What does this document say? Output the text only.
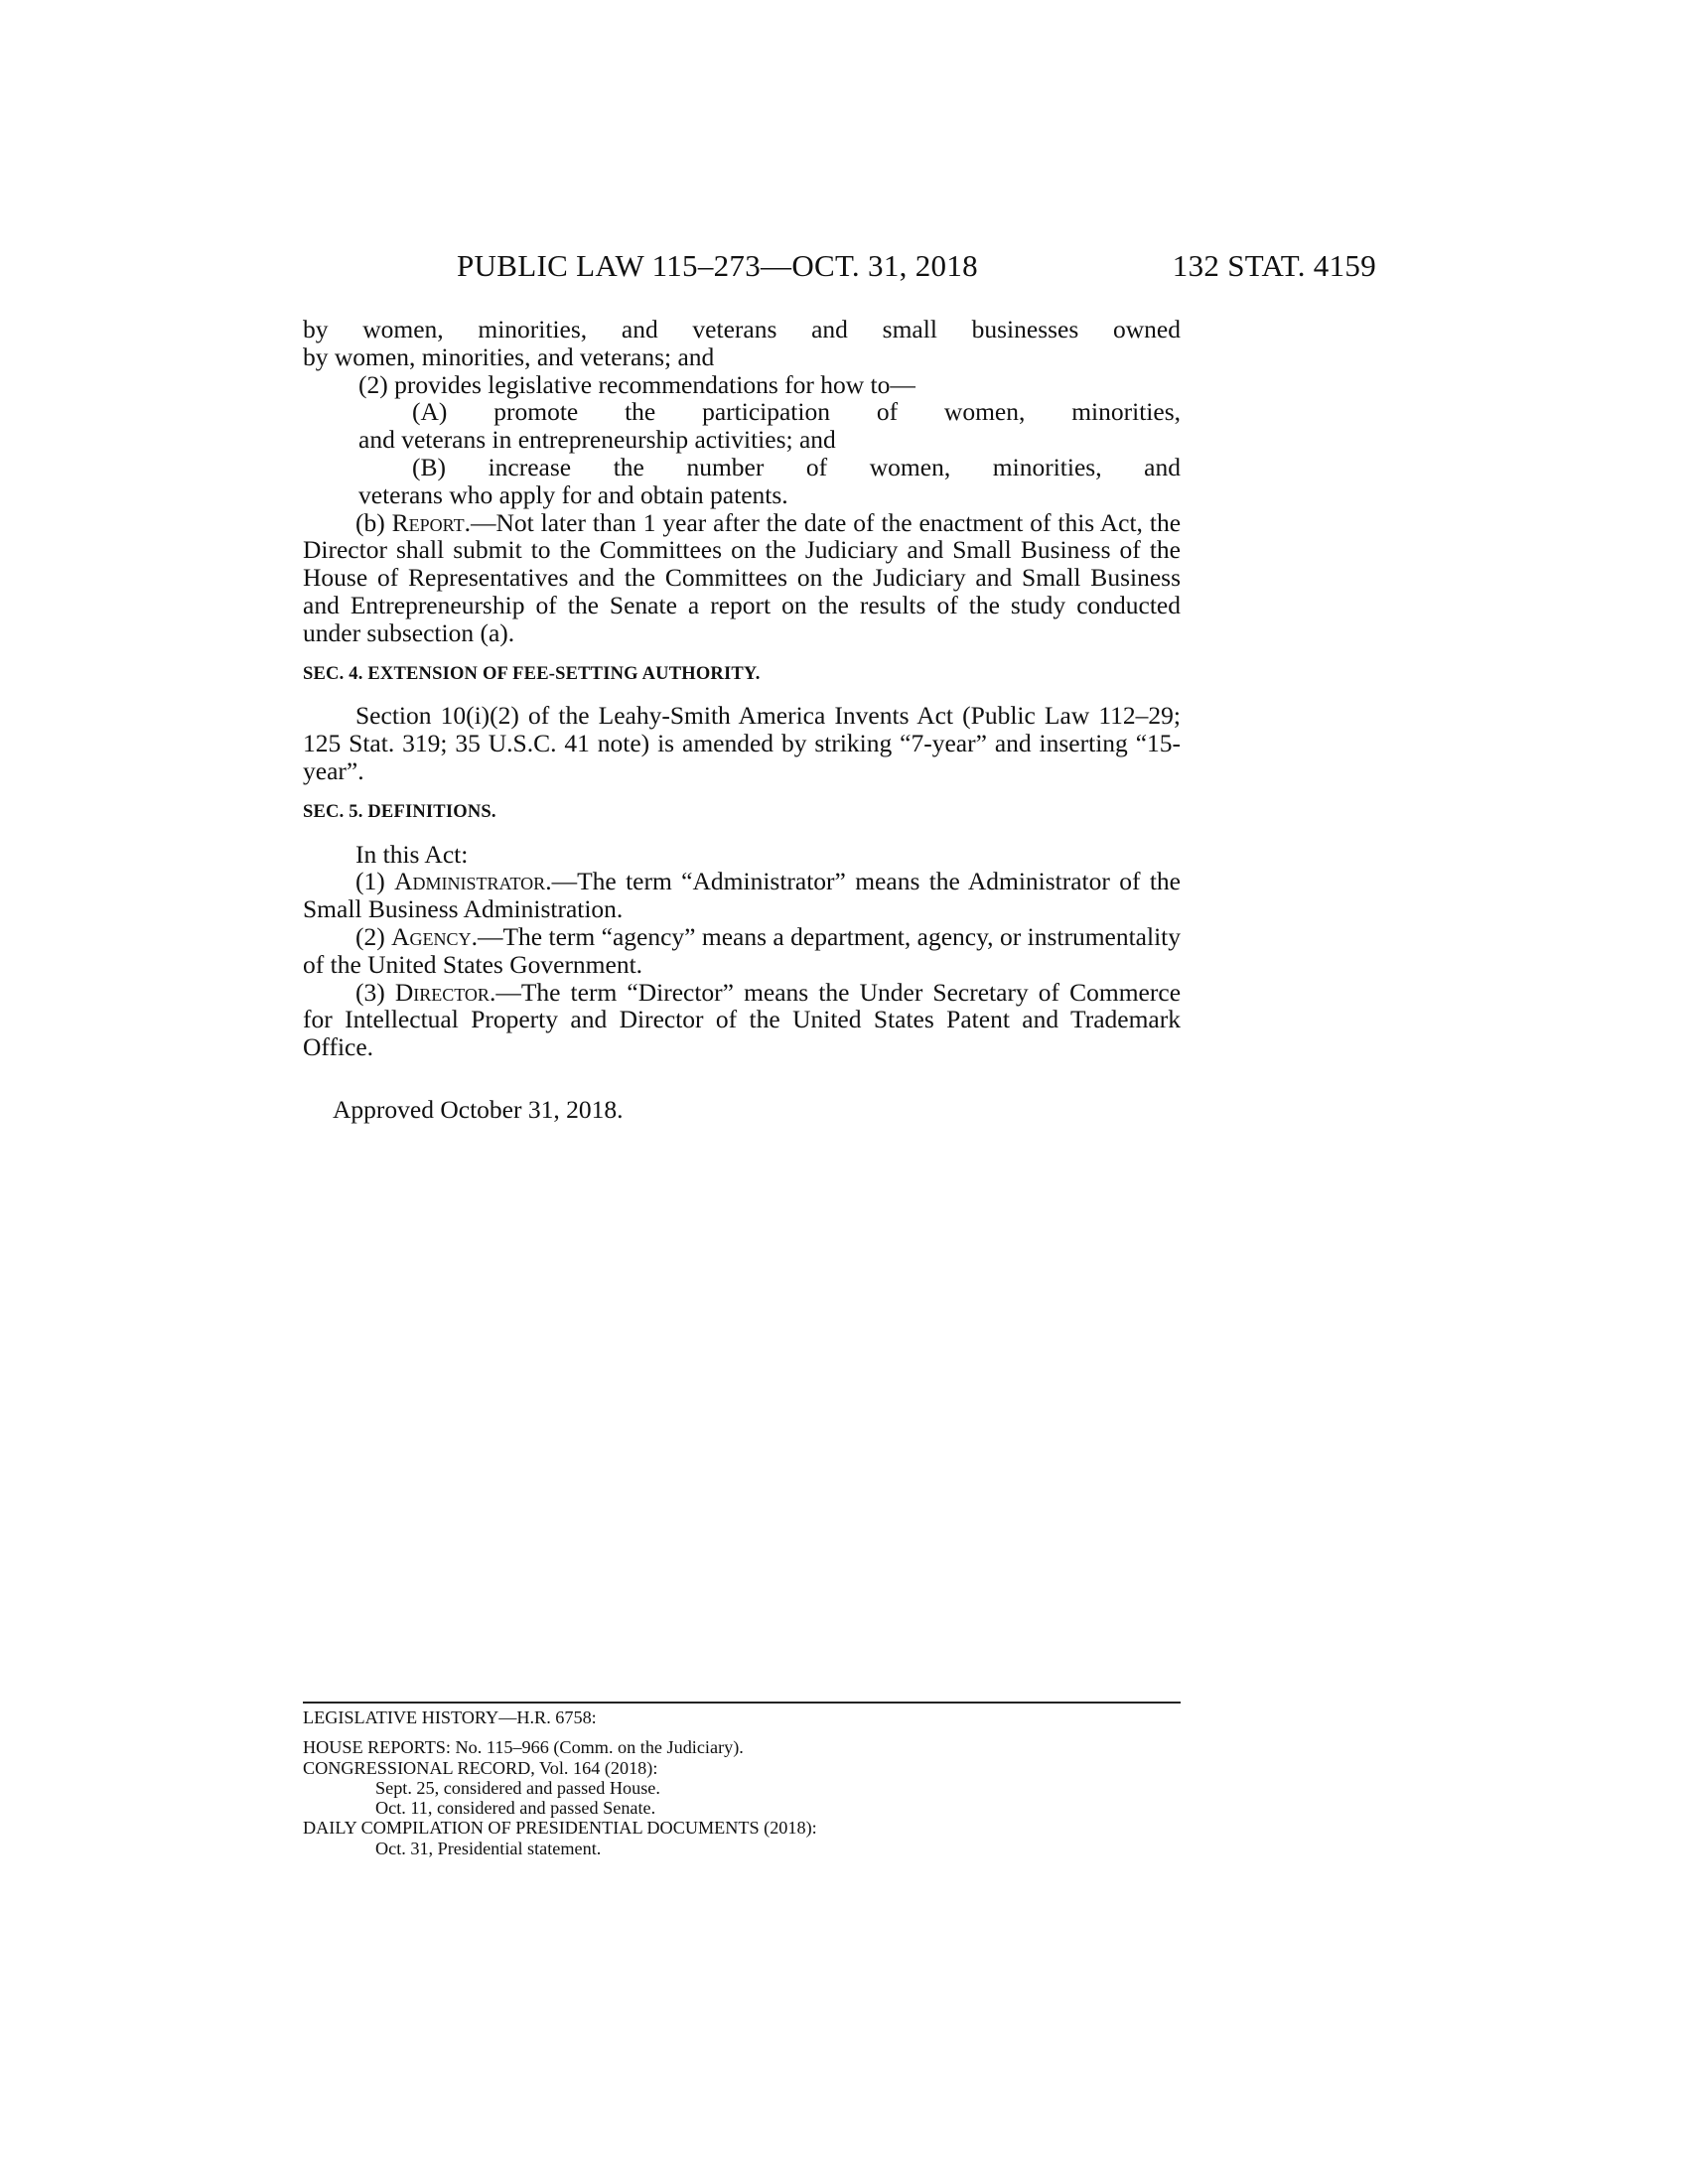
PUBLIC LAW 115–273—OCT. 31, 2018	132 STAT. 4159

by women, minorities, and veterans and small businesses owned

by women, minorities, and veterans; and

(2) provides legislative recommendations for how to—

(A) promote the participation of women, minorities,

and veterans in entrepreneurship activities; and

(B) increase the number of women, minorities, and

veterans who apply for and obtain patents.

(b) Report.—Not later than 1 year after the date of the enactment of this Act, the Director shall submit to the Committees on the Judiciary and Small Business of the House of Representatives and the Committees on the Judiciary and Small Business and Entrepreneurship of the Senate a report on the results of the study conducted under subsection (a).

SEC. 4. EXTENSION OF FEE-SETTING AUTHORITY.

Section 10(i)(2) of the Leahy-Smith America Invents Act (Public Law 112–29; 125 Stat. 319; 35 U.S.C. 41 note) is amended by striking “7-year” and inserting “15-year”.

SEC. 5. DEFINITIONS.

In this Act:

(1) Administrator.—The term “Administrator” means the Administrator of the Small Business Administration.

(2) Agency.—The term “agency” means a department, agency, or instrumentality of the United States Government.

(3) Director.—The term “Director” means the Under Secretary of Commerce for Intellectual Property and Director of the United States Patent and Trademark Office.

Approved October 31, 2018.

LEGISLATIVE HISTORY—H.R. 6758:
HOUSE REPORTS: No. 115–966 (Comm. on the Judiciary).
CONGRESSIONAL RECORD, Vol. 164 (2018):
Sept. 25, considered and passed House.
Oct. 11, considered and passed Senate.
DAILY COMPILATION OF PRESIDENTIAL DOCUMENTS (2018):
Oct. 31, Presidential statement.
